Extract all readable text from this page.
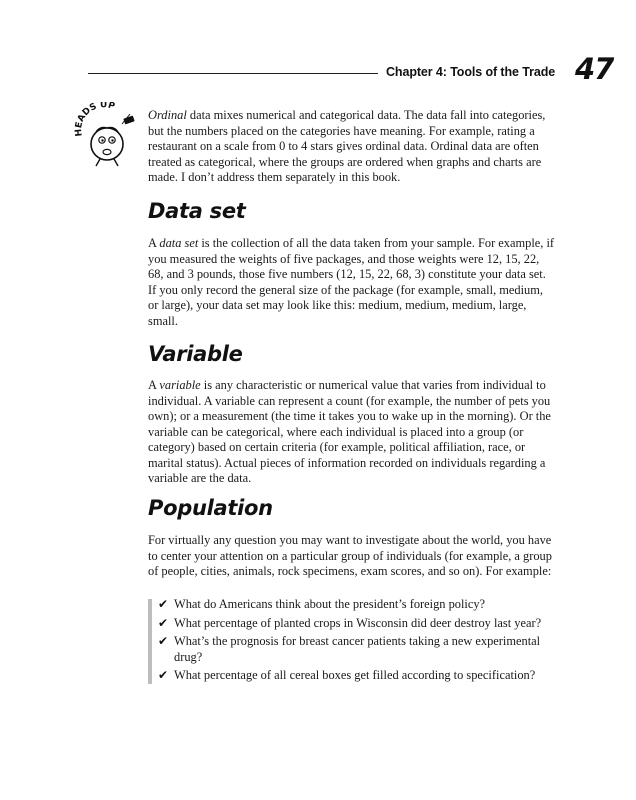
Chapter 4: Tools of the Trade 47
HEADS UP
Ordinal data mixes numerical and categorical data. The data fall into categories, but the numbers placed on the categories have meaning. For example, rating a restaurant on a scale from 0 to 4 stars gives ordinal data. Ordinal data are often treated as categorical, where the groups are ordered when graphs and charts are made. I don’t address them separately in this book.
Data set
A data set is the collection of all the data taken from your sample. For example, if you measured the weights of five packages, and those weights were 12, 15, 22, 68, and 3 pounds, those five numbers (12, 15, 22, 68, 3) constitute your data set. If you only record the general size of the package (for example, small, medium, or large), your data set may look like this: medium, medium, medium, large, small.
Variable
A variable is any characteristic or numerical value that varies from individual to individual. A variable can represent a count (for example, the number of pets you own); or a measurement (the time it takes you to wake up in the morning). Or the variable can be categorical, where each individual is placed into a group (or category) based on certain criteria (for example, political affiliation, race, or marital status). Actual pieces of information recorded on individuals regarding a variable are the data.
Population
For virtually any question you may want to investigate about the world, you have to center your attention on a particular group of individuals (for example, a group of people, cities, animals, rock specimens, exam scores, and so on). For example:
✔ What do Americans think about the president’s foreign policy?
✔ What percentage of planted crops in Wisconsin did deer destroy last year?
✔ What’s the prognosis for breast cancer patients taking a new experimental drug?
✔ What percentage of all cereal boxes get filled according to specification?
